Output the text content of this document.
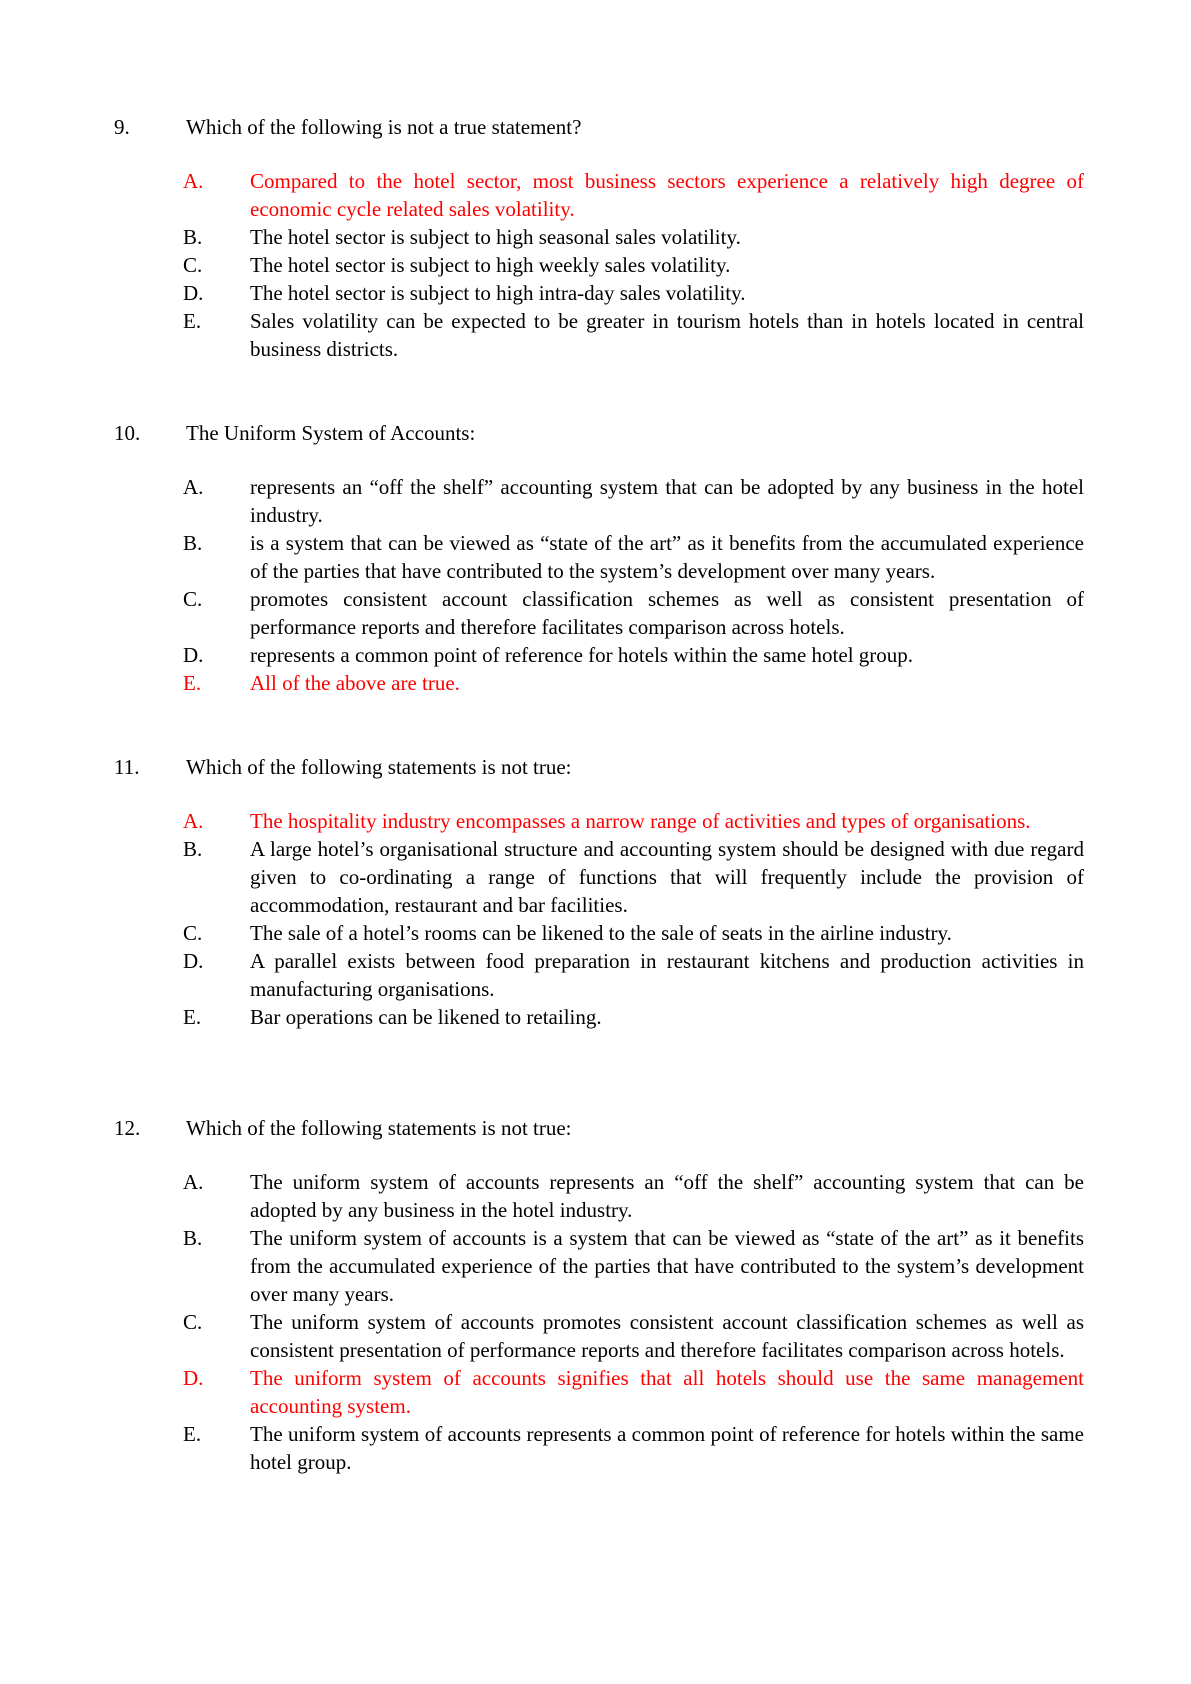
9.	Which of the following is not a true statement?
A. Compared to the hotel sector, most business sectors experience a relatively high degree of economic cycle related sales volatility.
B. The hotel sector is subject to high seasonal sales volatility.
C. The hotel sector is subject to high weekly sales volatility.
D. The hotel sector is subject to high intra-day sales volatility.
E. Sales volatility can be expected to be greater in tourism hotels than in hotels located in central business districts.
10. The Uniform System of Accounts:
A. represents an “off the shelf” accounting system that can be adopted by any business in the hotel industry.
B. is a system that can be viewed as “state of the art” as it benefits from the accumulated experience of the parties that have contributed to the system’s development over many years.
C. promotes consistent account classification schemes as well as consistent presentation of performance reports and therefore facilitates comparison across hotels.
D. represents a common point of reference for hotels within the same hotel group.
E. All of the above are true.
11. Which of the following statements is not true:
A. The hospitality industry encompasses a narrow range of activities and types of organisations.
B. A large hotel’s organisational structure and accounting system should be designed with due regard given to co-ordinating a range of functions that will frequently include the provision of accommodation, restaurant and bar facilities.
C. The sale of a hotel’s rooms can be likened to the sale of seats in the airline industry.
D. A parallel exists between food preparation in restaurant kitchens and production activities in manufacturing organisations.
E. Bar operations can be likened to retailing.
12. Which of the following statements is not true:
A. The uniform system of accounts represents an “off the shelf” accounting system that can be adopted by any business in the hotel industry.
B. The uniform system of accounts is a system that can be viewed as “state of the art” as it benefits from the accumulated experience of the parties that have contributed to the system’s development over many years.
C. The uniform system of accounts promotes consistent account classification schemes as well as consistent presentation of performance reports and therefore facilitates comparison across hotels.
D. The uniform system of accounts signifies that all hotels should use the same management accounting system.
E. The uniform system of accounts represents a common point of reference for hotels within the same hotel group.
